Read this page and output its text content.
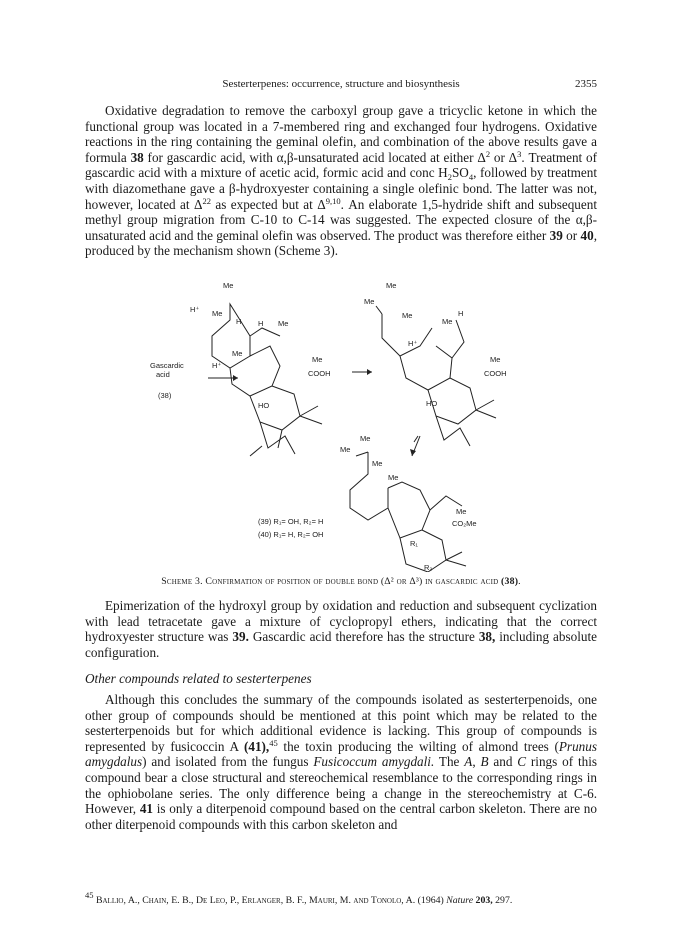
Sesterterpenes: occurrence, structure and biosynthesis	2355

Oxidative degradation to remove the carboxyl group gave a tricyclic ketone in which the functional group was located in a 7-membered ring and exchanged four hydrogens. Oxidative reactions in the ring containing the geminal olefin, and combination of the above results gave a formula 38 for gascardic acid, with α,β-unsaturated acid located at either $\Delta^2$ or $\Delta^3$. Treatment of gascardic acid with a mixture of acetic acid, formic acid and conc $H_2SO_4$, followed by treatment with diazomethane gave a β-hydroxyester containing a single olefinic bond. The latter was not, however, located at $\Delta^{22}$ as expected but at Δ$^{9,10}$. An elaborate 1,5-hydride shift and subsequent methyl group migration from C-10 to C-14 was suggested. The expected closure of the α,β-unsaturated acid and the geminal olefin was observed. The product was therefore either 39 or 40, produced by the mechanism shown (Scheme 3).

Me
H⁺ Me
H H Me
Me
Me
COOH
HO
Gascardic
acid
H⁺
(38)
Me
Me
Me
Me
H
H⁺
Me
COOH
HO
Me
Me
Me
Me
Me
CO₂Me
R₁
R₂
(39) R₁= OH, R₂= H
(40) R₁= H, R₂= OH

Scheme 3. Confirmation of position of double bond (Δ² or Δ³) in gascardic acid (38).

Epimerization of the hydroxyl group by oxidation and reduction and subsequent cyclization with lead tetracetate gave a mixture of cyclopropyl ethers, indicating that the correct hydroxyester structure was 39. Gascardic acid therefore has the structure 38, including absolute configuration.

Other compounds related to sesterterpenes

Although this concludes the summary of the compounds isolated as sesterterpenoids, one other group of compounds should be mentioned at this point which may be related to the sesterterpenoids but for which additional evidence is lacking. This group of compounds is represented by fusicoccin A (41),$^{45}$ the toxin producing the wilting of almond trees (Prunus amygdalus) and isolated from the fungus Fusicoccum amygdali. The A, B and C rings of this compound bear a close structural and stereochemical resemblance to the corresponding rings in the ophiobolane series. The only difference being a change in the stereochemistry at C-6. However, 41 is only a diterpenoid compound based on the central carbon skeleton. There are no other diterpenoid compounds with this carbon skeleton and

$^{45}$ Ballio, A., Chain, E. B., De Leo, P., Erlanger, B. F., Mauri, M. and Tonolo, A. (1964) Nature 203, 297.
